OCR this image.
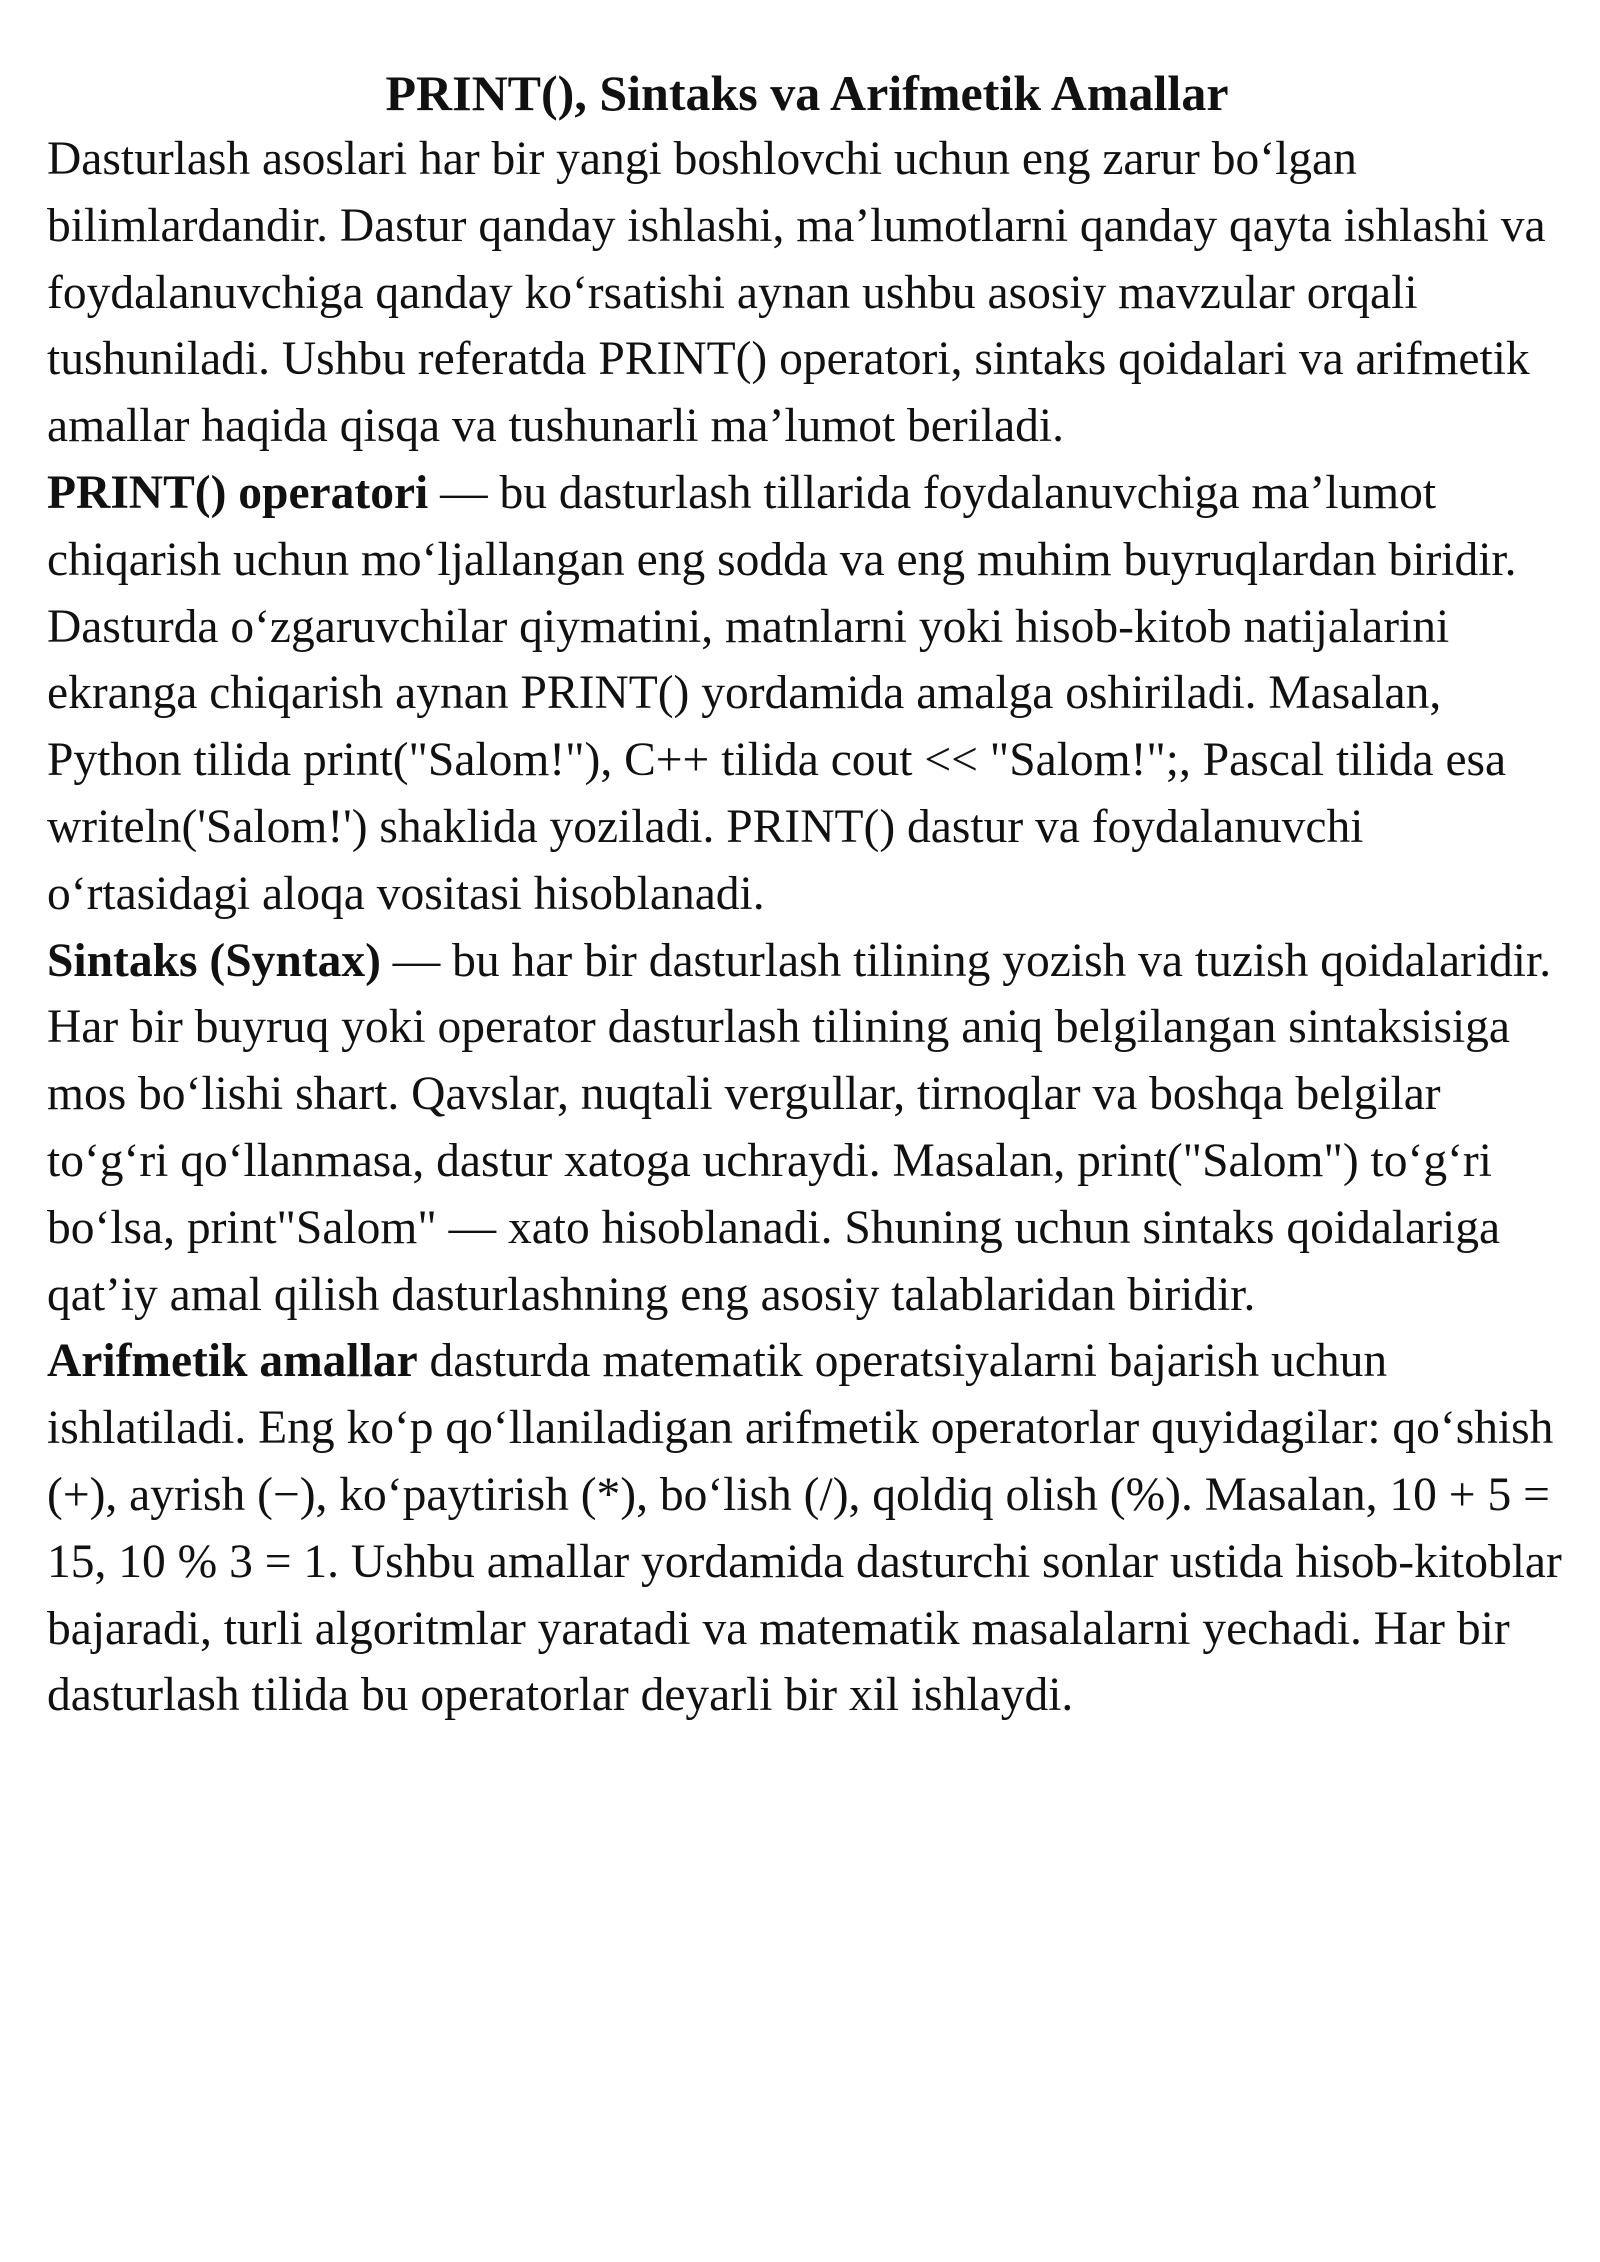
PRINT(), Sintaks va Arifmetik Amallar

Dasturlash asoslari har bir yangi boshlovchi uchun eng zarur bo‘lgan bilimlardandir. Dastur qanday ishlashi, ma’lumotlarni qanday qayta ishlashi va foydalanuvchiga qanday ko‘rsatishi aynan ushbu asosiy mavzular orqali tushuniladi. Ushbu referatda PRINT() operatori, sintaks qoidalari va arifmetik amallar haqida qisqa va tushunarli ma’lumot beriladi.

PRINT() operatori — bu dasturlash tillarida foydalanuvchiga ma’lumot chiqarish uchun mo‘ljallangan eng sodda va eng muhim buyruqlardan biridir. Dasturda o‘zgaruvchilar qiymatini, matnlarni yoki hisob-kitob natijalarini ekranga chiqarish aynan PRINT() yordamida amalga oshiriladi. Masalan, Python tilida print("Salom!"), C++ tilida cout << "Salom!";, Pascal tilida esa writeln('Salom!') shaklida yoziladi. PRINT() dastur va foydalanuvchi o‘rtasidagi aloqa vositasi hisoblanadi.

Sintaks (Syntax) — bu har bir dasturlash tilining yozish va tuzish qoidalaridir. Har bir buyruq yoki operator dasturlash tilining aniq belgilangan sintaksisiga mos bo‘lishi shart. Qavslar, nuqtali vergullar, tirnoqlar va boshqa belgilar to‘g‘ri qo‘llanmasa, dastur xatoga uchraydi. Masalan, print("Salom") to‘g‘ri bo‘lsa, print"Salom" — xato hisoblanadi. Shuning uchun sintaks qoidalariga qat’iy amal qilish dasturlashning eng asosiy talablaridan biridir.

Arifmetik amallar dasturda matematik operatsiyalarni bajarish uchun ishlatiladi. Eng ko‘p qo‘llaniladigan arifmetik operatorlar quyidagilar: qo‘shish (+), ayrish (−), ko‘paytirish (*), bo‘lish (/), qoldiq olish (%). Masalan, 10 + 5 = 15, 10 % 3 = 1. Ushbu amallar yordamida dasturchi sonlar ustida hisob-kitoblar bajaradi, turli algoritmlar yaratadi va matematik masalalarni yechadi. Har bir dasturlash tilida bu operatorlar deyarli bir xil ishlaydi.
